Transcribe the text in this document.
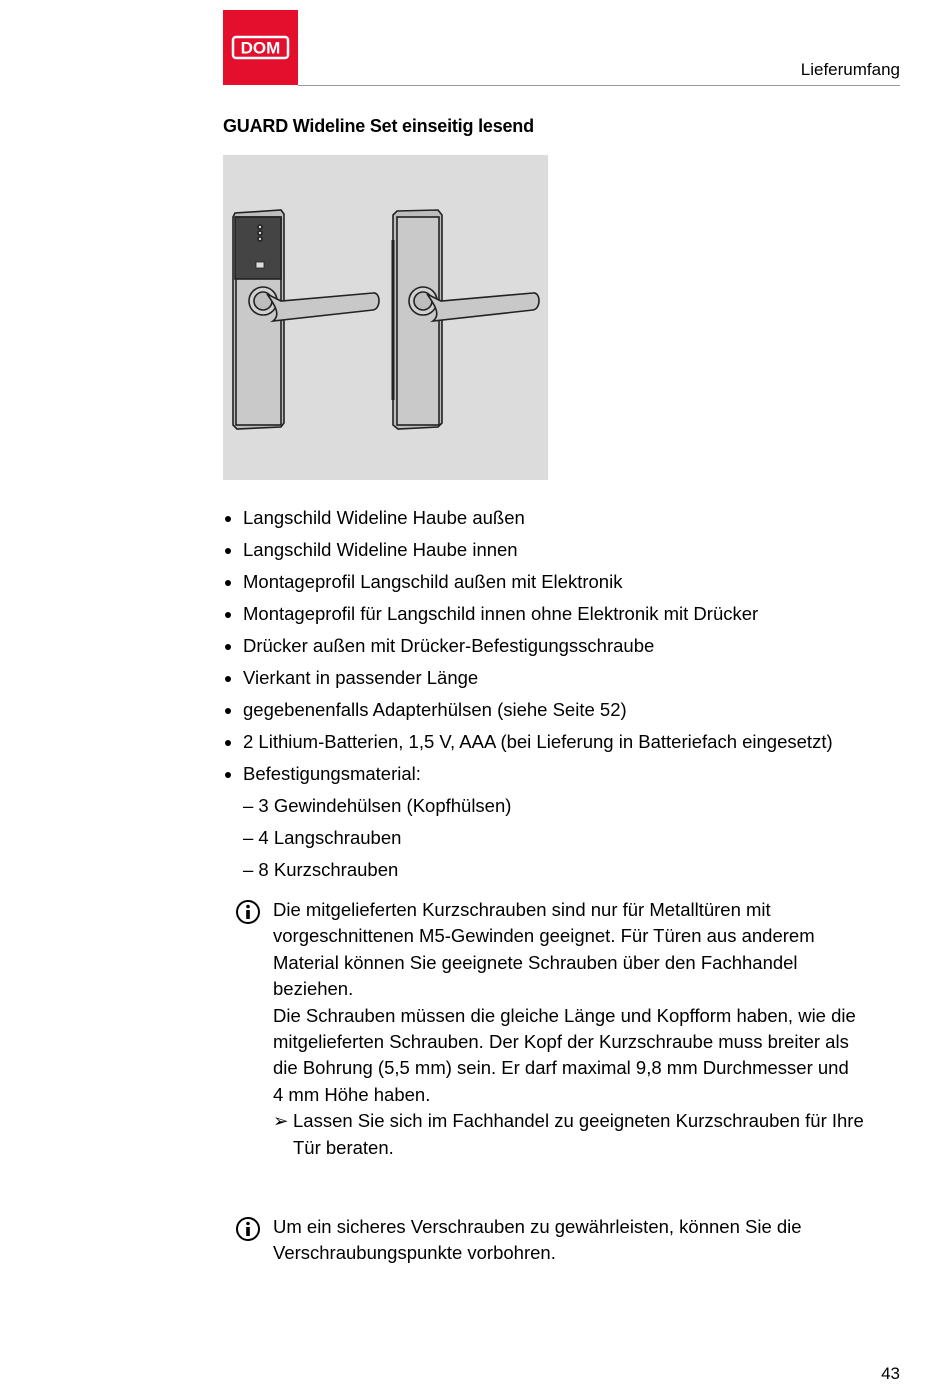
DOM
Lieferumfang
GUARD Wideline Set einseitig lesend
Langschild Wideline Haube außen
Langschild Wideline Haube innen
Montageprofil Langschild außen mit Elektronik
Montageprofil für Langschild innen ohne Elektronik mit Drücker
Drücker außen mit Drücker-Befestigungsschraube
Vierkant in passender Länge
gegebenenfalls Adapterhülsen (siehe Seite 52)
2 Lithium-Batterien, 1,5 V, AAA (bei Lieferung in Batteriefach eingesetzt)
Befestigungsmaterial:
– 3 Gewindehülsen (Kopfhülsen)
– 4 Langschrauben
– 8 Kurzschrauben

Die mitgelieferten Kurzschrauben sind nur für Metalltüren mit
vorgeschnittenen M5-Gewinden geeignet. Für Türen aus anderem
Material können Sie geeignete Schrauben über den Fachhandel
beziehen.

Die Schrauben müssen die gleiche Länge und Kopfform haben, wie die
mitgelieferten Schrauben. Der Kopf der Kurzschraube muss breiter als
die Bohrung (5,5 mm) sein. Er darf maximal 9,8 mm Durchmesser und
4 mm Höhe haben.

➢ Lassen Sie sich im Fachhandel zu geeigneten Kurzschrauben für Ihre
Tür beraten.

Um ein sicheres Verschrauben zu gewährleisten, können Sie die
Verschraubungspunkte vorbohren.

43
